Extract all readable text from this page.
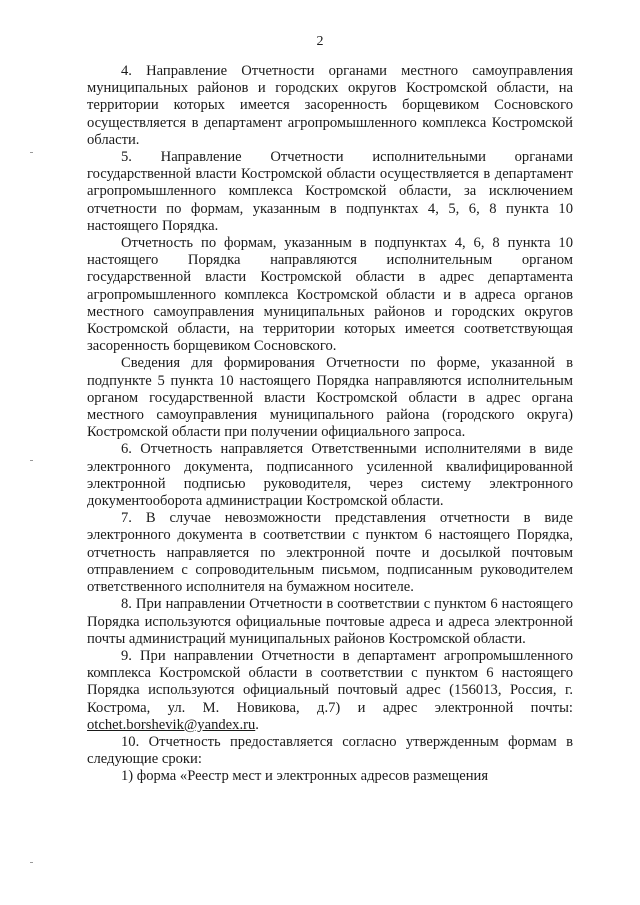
2

4. Направление Отчетности органами местного самоуправления муниципальных районов и городских округов Костромской области, на территории которых имеется засоренность борщевиком Сосновского осуществляется в департамент агропромышленного комплекса Костромской области.

5. Направление Отчетности исполнительными органами государственной власти Костромской области осуществляется в департамент агропромышленного комплекса Костромской области, за исключением отчетности по формам, указанным в подпунктах 4, 5, 6, 8 пункта 10 настоящего Порядка.

Отчетность по формам, указанным в подпунктах 4, 6, 8 пункта 10 настоящего Порядка направляются исполнительным органом государственной власти Костромской области в адрес департамента агропромышленного комплекса Костромской области и в адреса органов местного самоуправления муниципальных районов и городских округов Костромской области, на территории которых имеется соответствующая засоренность борщевиком Сосновского.

Сведения для формирования Отчетности по форме, указанной в подпункте 5 пункта 10 настоящего Порядка направляются исполнительным органом государственной власти Костромской области в адрес органа местного самоуправления муниципального района (городского округа) Костромской области при получении официального запроса.

6. Отчетность направляется Ответственными исполнителями в виде электронного документа, подписанного усиленной квалифицированной электронной подписью руководителя, через систему электронного документооборота администрации Костромской области.

7. В случае невозможности представления отчетности в виде электронного документа в соответствии с пунктом 6 настоящего Порядка, отчетность направляется по электронной почте и досылкой почтовым отправлением с сопроводительным письмом, подписанным руководителем ответственного исполнителя на бумажном носителе.

8. При направлении Отчетности в соответствии с пунктом 6 настоящего Порядка используются официальные почтовые адреса и адреса электронной почты администраций муниципальных районов Костромской области.

9. При направлении Отчетности в департамент агропромышленного комплекса Костромской области в соответствии с пунктом 6 настоящего Порядка используются официальный почтовый адрес (156013, Россия, г. Кострома, ул. М. Новикова, д.7) и адрес электронной почты: otchet.borshevik@yandex.ru.

10. Отчетность предоставляется согласно утвержденным формам в следующие сроки:

1) форма «Реестр мест и электронных адресов размещения
